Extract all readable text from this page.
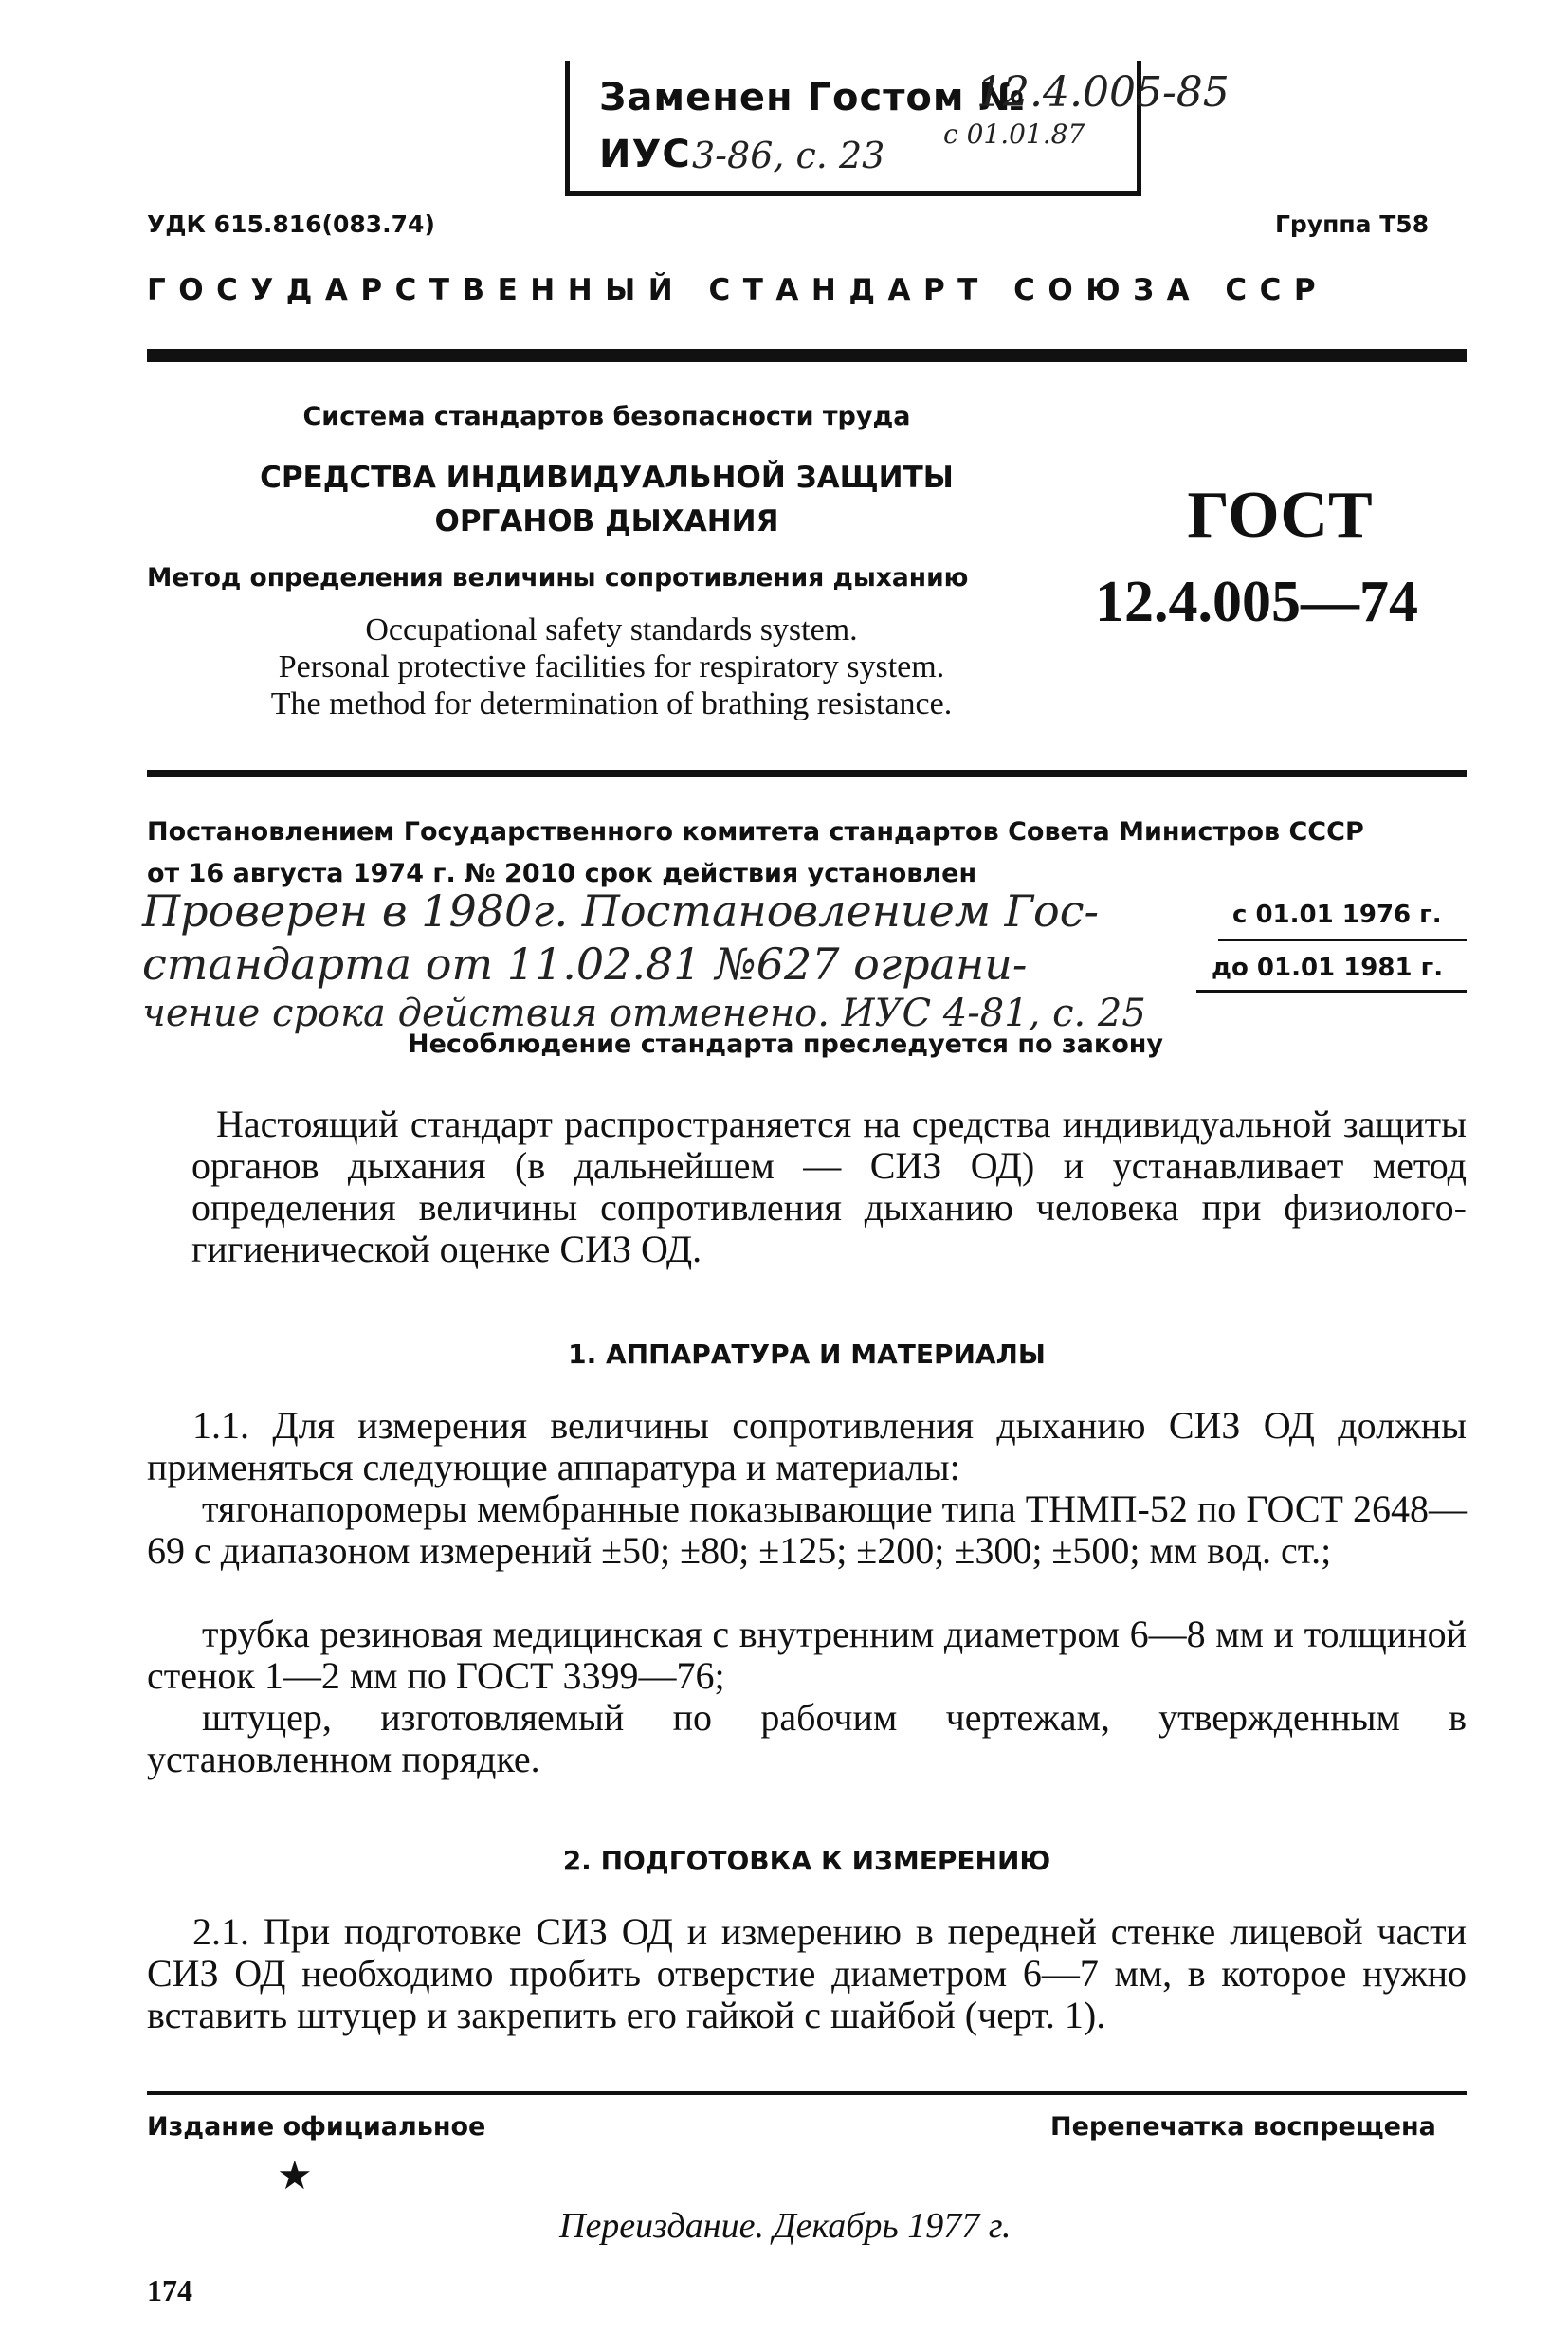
Заменен Гостом №
12.4.005-85
ИУС 3-86, с. 23
с 01.01.87
УДК 615.816(083.74)	Группа Т58
ГОСУДАРСТВЕННЫЙ СТАНДАРТ СОЮЗА ССР
Система стандартов безопасности труда
СРЕДСТВА ИНДИВИДУАЛЬНОЙ ЗАЩИТЫ
ОРГАНОВ ДЫХАНИЯ
Метод определения величины сопротивления дыханию
Occupational safety standards system.
Personal protective facilities for respiratory system.
The method for determination of brathing resistance.
ГОСТ
12.4.005—74
Постановлением Государственного комитета стандартов Совета Министров СССР
от 16 августа 1974 г. № 2010 срок действия установлен
с 01.01 1976 г.
до 01.01 1981 г.
Проверен в 1980г. Постановлением Гос-
стандарта от 11.02.81 №627 ограни-
чение срока действия отменено. ИУС 4-81, с. 25
Несоблюдение стандарта преследуется по закону
Настоящий стандарт распространяется на средства индивидуальной защиты органов дыхания (в дальнейшем — СИЗ ОД) и устанавливает метод определения величины сопротивления дыханию человека при физиолого-гигиенической оценке СИЗ ОД.
1. АППАРАТУРА И МАТЕРИАЛЫ
1.1. Для измерения величины сопротивления дыханию СИЗ ОД должны применяться следующие аппаратура и материалы:
тягонапоромеры мембранные показывающие типа ТНМП-52 по ГОСТ 2648—69 с диапазоном измерений ±50; ±80; ±125; ±200; ±300; ±500; мм вод. ст.;
трубка резиновая медицинская с внутренним диаметром 6—8 мм и толщиной стенок 1—2 мм по ГОСТ 3399—76;
штуцер, изготовляемый по рабочим чертежам, утвержденным в установленном порядке.
2. ПОДГОТОВКА К ИЗМЕРЕНИЮ
2.1. При подготовке СИЗ ОД и измерению в передней стенке лицевой части СИЗ ОД необходимо пробить отверстие диаметром 6—7 мм, в которое нужно вставить штуцер и закрепить его гайкой с шайбой (черт. 1).
Издание официальное	Перепечатка воспрещена
★
Переиздание. Декабрь 1977 г.
174
